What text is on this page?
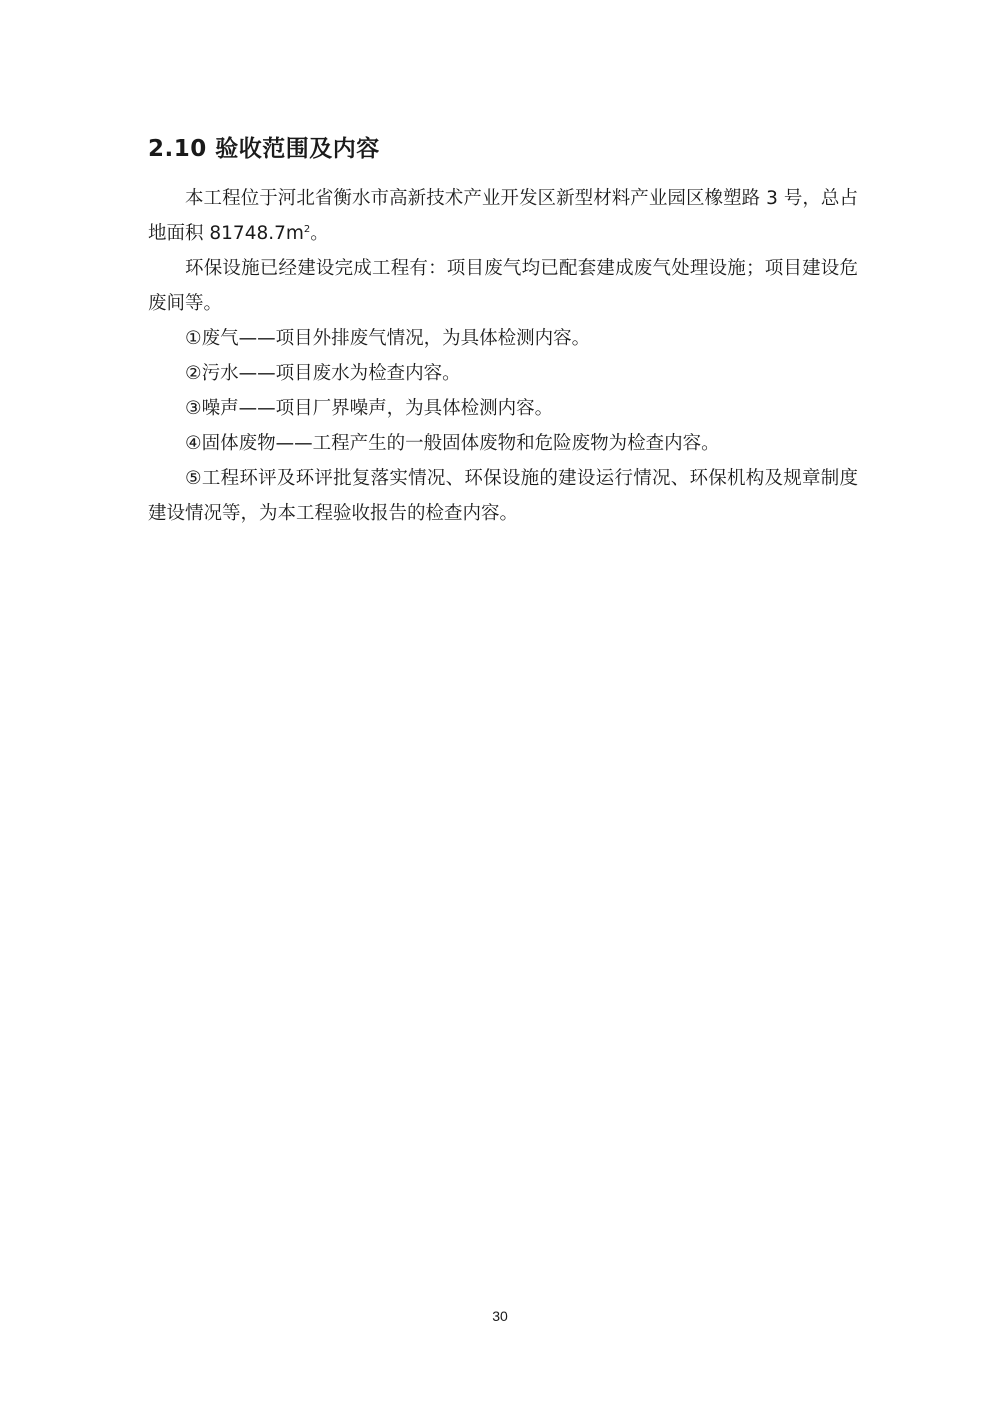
2.10 验收范围及内容

本工程位于河北省衡水市高新技术产业开发区新型材料产业园区橡塑路 3 号，总占地面积 $81748.7m^2$。

环保设施已经建设完成工程有：项目废气均已配套建成废气处理设施；项目建设危废间等。

①废气——项目外排废气情况，为具体检测内容。

②污水——项目废水为检查内容。

③噪声——项目厂界噪声，为具体检测内容。

④固体废物——工程产生的一般固体废物和危险废物为检查内容。

⑤工程环评及环评批复落实情况、环保设施的建设运行情况、环保机构及规章制度建设情况等，为本工程验收报告的检查内容。

30
